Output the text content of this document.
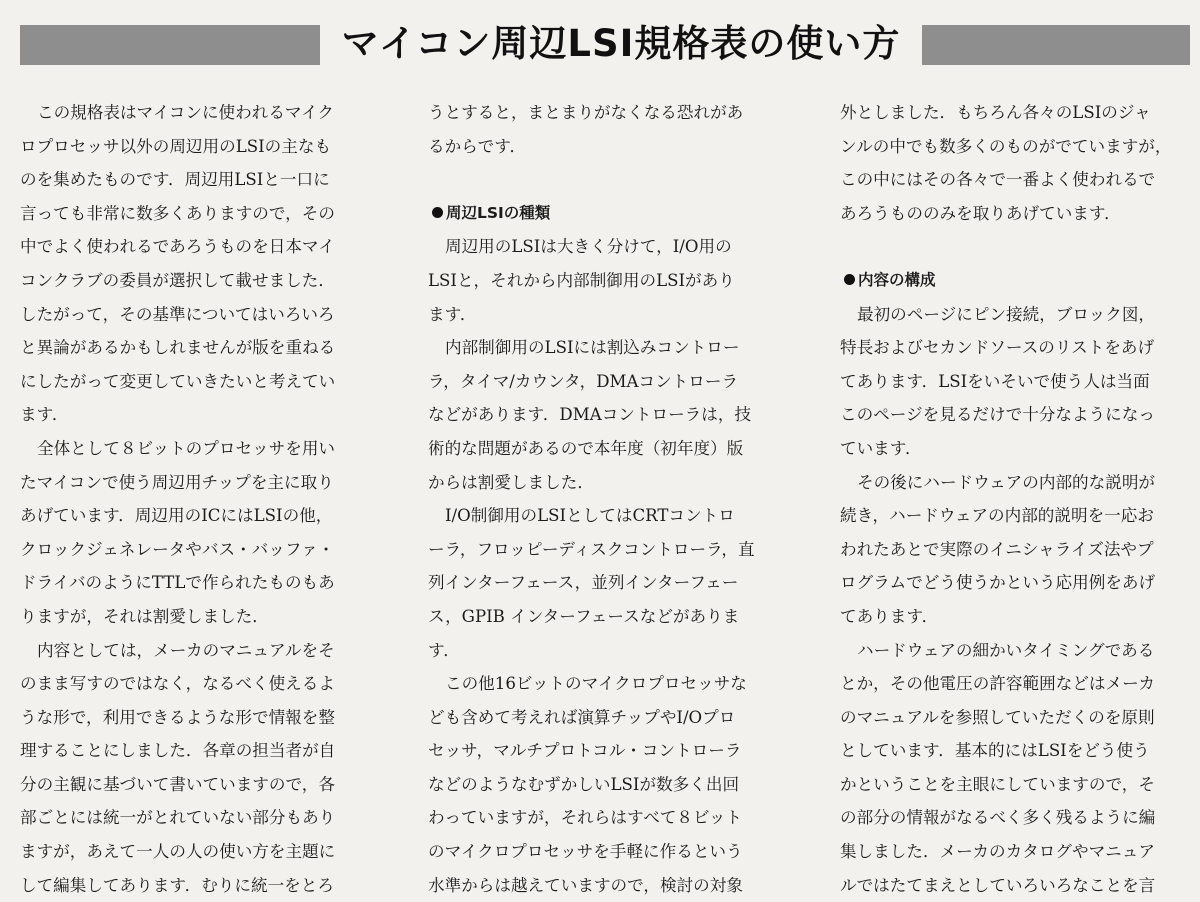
マイコン周辺LSI規格表の使い方
この規格表はマイコンに使われるマイク
ロプロセッサ以外の周辺用のLSIの主なも
のを集めたものです．周辺用LSIと一口に
言っても非常に数多くありますので，その
中でよく使われるであろうものを日本マイ
コンクラブの委員が選択して載せました．
したがって，その基準についてはいろいろ
と異論があるかもしれませんが版を重ねる
にしたがって変更していきたいと考えてい
ます．
全体として８ビットのプロセッサを用い
たマイコンで使う周辺用チップを主に取り
あげています．周辺用のICにはLSIの他，
クロックジェネレータやバス・バッファ・
ドライバのようにTTLで作られたものもあ
りますが，それは割愛しました．
内容としては，メーカのマニュアルをそ
のまま写すのではなく，なるべく使えるよ
うな形で，利用できるような形で情報を整
理することにしました．各章の担当者が自
分の主観に基づいて書いていますので，各
部ごとには統一がとれていない部分もあり
ますが，あえて一人の人の使い方を主題に
して編集してあります．むりに統一をとろ
うとすると，まとまりがなくなる恐れがあ
るからです．
周辺LSIの種類
周辺用のLSIは大きく分けて，I/O用の
LSIと，それから内部制御用のLSIがあり
ます．
内部制御用のLSIには割込みコントロー
ラ，タイマ/カウンタ，DMAコントローラ
などがあります．DMAコントローラは，技
術的な問題があるので本年度（初年度）版
からは割愛しました．
I/O制御用のLSIとしてはCRTコントロ
ーラ，フロッピーディスクコントローラ，直
列インターフェース，並列インターフェー
ス，GPIB インターフェースなどがありま
す．
この他16ビットのマイクロプロセッサな
ども含めて考えれば演算チップやI/Oプロ
セッサ，マルチプロトコル・コントローラ
などのようなむずかしいLSIが数多く出回
わっていますが，それらはすべて８ビット
のマイクロプロセッサを手軽に作るという
水準からは越えていますので，検討の対象
外としました．もちろん各々のLSIのジャ
ンルの中でも数多くのものがでていますが，
この中にはその各々で一番よく使われるで
あろうもののみを取りあげています．
内容の構成
最初のページにピン接続，ブロック図，
特長およびセカンドソースのリストをあげ
てあります．LSIをいそいで使う人は当面
このページを見るだけで十分なようになっ
ています．
その後にハードウェアの内部的な説明が
続き，ハードウェアの内部的説明を一応お
われたあとで実際のイニシャライズ法やプ
ログラムでどう使うかという応用例をあげ
てあります．
ハードウェアの細かいタイミングである
とか，その他電圧の許容範囲などはメーカ
のマニュアルを参照していただくのを原則
としています．基本的にはLSIをどう使う
かということを主眼にしていますので，そ
の部分の情報がなるべく多く残るように編
集しました．メーカのカタログやマニュア
ルではたてまえとしていろいろなことを言
